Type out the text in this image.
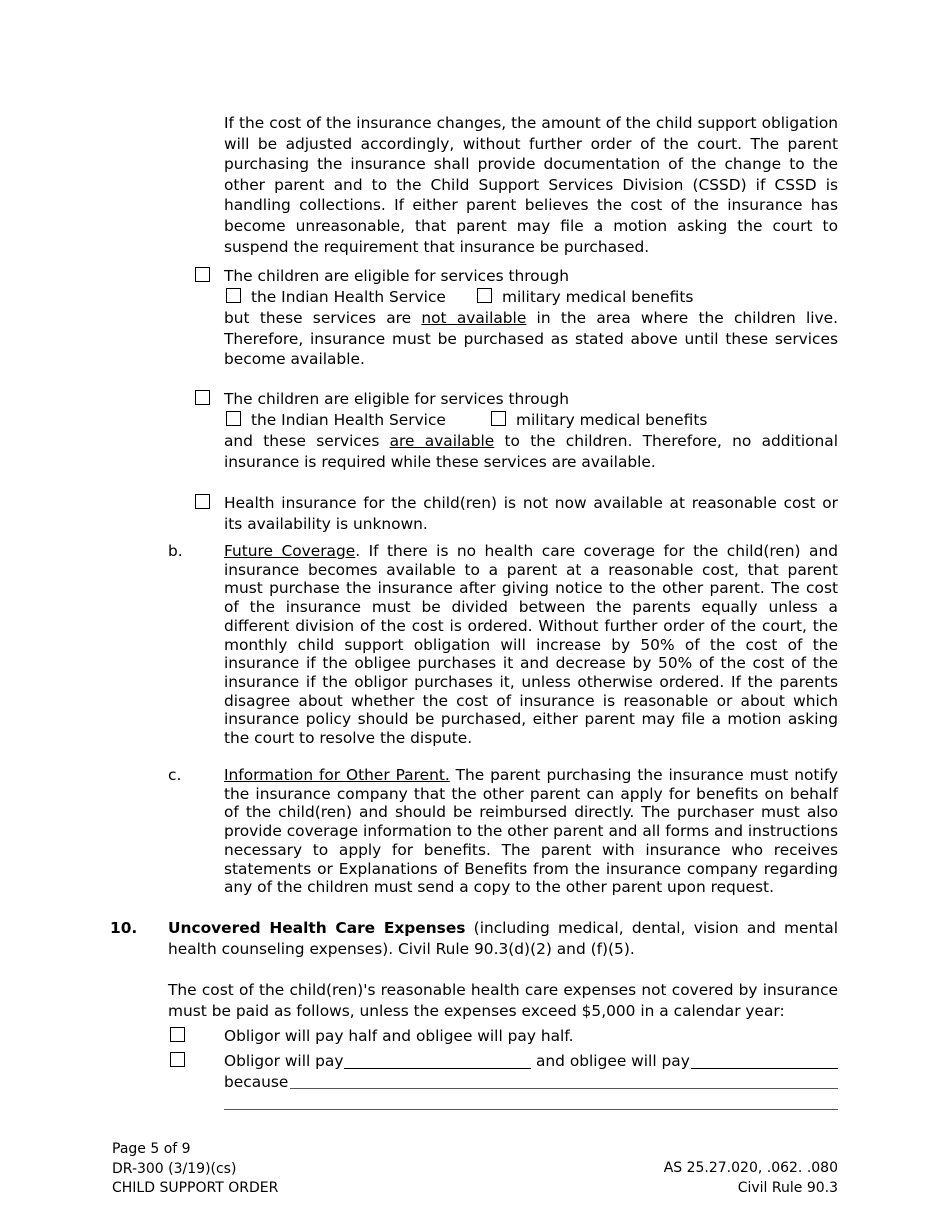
If the cost of the insurance changes, the amount of the child support obligation will be adjusted accordingly, without further order of the court. The parent purchasing the insurance shall provide documentation of the change to the other parent and to the Child Support Services Division (CSSD) if CSSD is handling collections. If either parent believes the cost of the insurance has become unreasonable, that parent may file a motion asking the court to suspend the requirement that insurance be purchased.
The children are eligible for services through
the Indian Health Service	military medical benefits
but these services are not available in the area where the children live. Therefore, insurance must be purchased as stated above until these services become available.
The children are eligible for services through
the Indian Health Service	military medical benefits
and these services are available to the children. Therefore, no additional insurance is required while these services are available.
Health insurance for the child(ren) is not now available at reasonable cost or its availability is unknown.
b.	Future Coverage. If there is no health care coverage for the child(ren) and insurance becomes available to a parent at a reasonable cost, that parent must purchase the insurance after giving notice to the other parent. The cost of the insurance must be divided between the parents equally unless a different division of the cost is ordered. Without further order of the court, the monthly child support obligation will increase by 50% of the cost of the insurance if the obligee purchases it and decrease by 50% of the cost of the insurance if the obligor purchases it, unless otherwise ordered. If the parents disagree about whether the cost of insurance is reasonable or about which insurance policy should be purchased, either parent may file a motion asking the court to resolve the dispute.
c.	Information for Other Parent. The parent purchasing the insurance must notify the insurance company that the other parent can apply for benefits on behalf of the child(ren) and should be reimbursed directly. The purchaser must also provide coverage information to the other parent and all forms and instructions necessary to apply for benefits. The parent with insurance who receives statements or Explanations of Benefits from the insurance company regarding any of the children must send a copy to the other parent upon request.
10. Uncovered Health Care Expenses (including medical, dental, vision and mental health counseling expenses). Civil Rule 90.3(d)(2) and (f)(5).
The cost of the child(ren)'s reasonable health care expenses not covered by insurance must be paid as follows, unless the expenses exceed $5,000 in a calendar year:
Obligor will pay half and obligee will pay half.
Obligor will pay	and obligee will pay
because
Page 5 of 9
DR-300 (3/19)(cs)
CHILD SUPPORT ORDER
AS 25.27.020, .062. .080
Civil Rule 90.3
